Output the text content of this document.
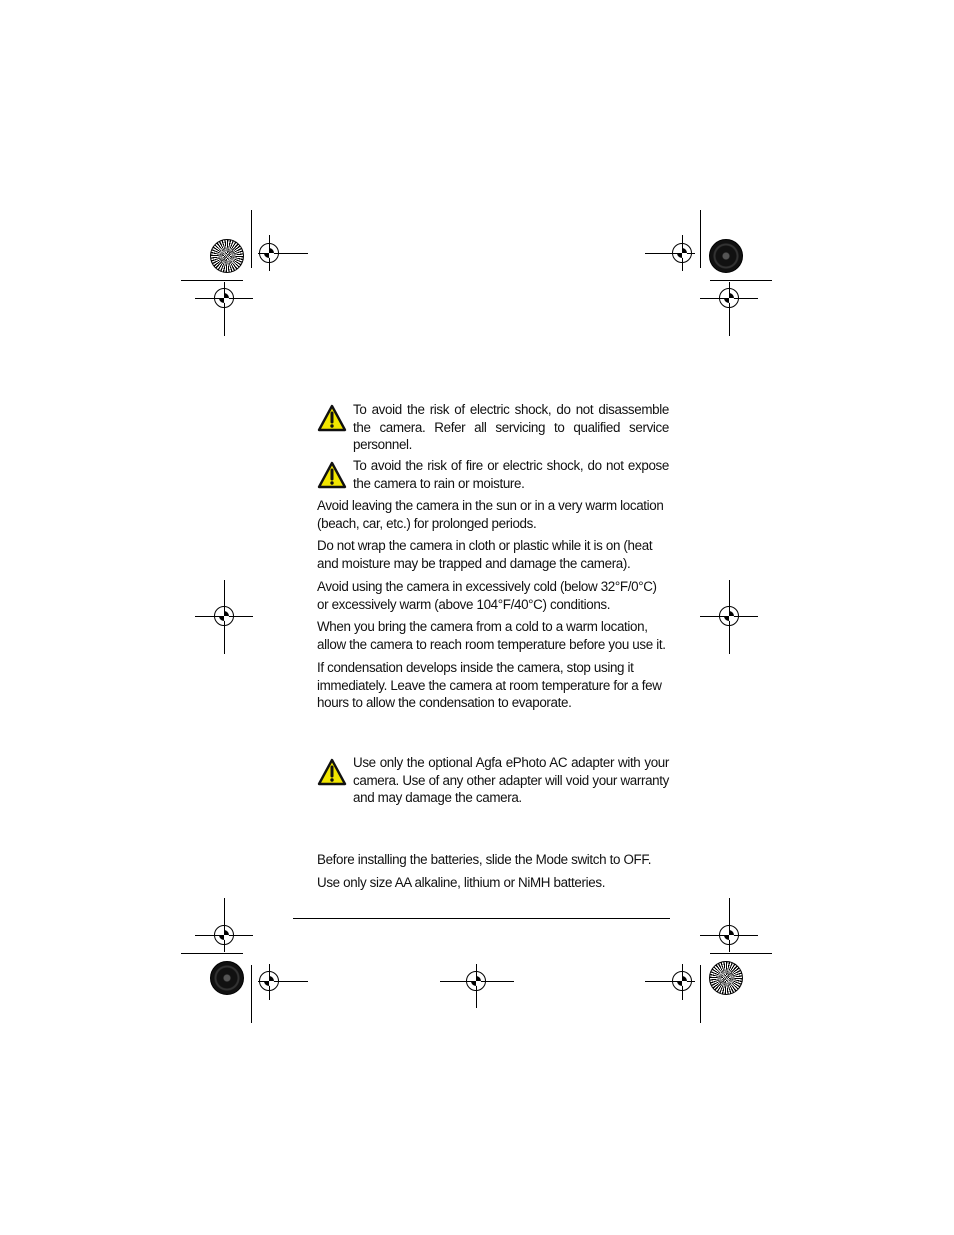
To avoid the risk of electric shock, do not disassemble the camera. Refer all servicing to qualified service personnel.
To avoid the risk of fire or electric shock, do not expose the camera to rain or moisture.
Avoid leaving the camera in the sun or in a very warm location (beach, car, etc.) for prolonged periods.
Do not wrap the camera in cloth or plastic while it is on (heat and moisture may be trapped and damage the camera).
Avoid using the camera in excessively cold (below 32°F/0°C) or excessively warm (above 104°F/40°C) conditions.
When you bring the camera from a cold to a warm location, allow the camera to reach room temperature before you use it.
If condensation develops inside the camera, stop using it immediately. Leave the camera at room temperature for a few hours to allow the condensation to evaporate.
Use only the optional Agfa ePhoto AC adapter with your camera. Use of any other adapter will void your warranty and may damage the camera.
Before installing the batteries, slide the Mode switch to OFF.
Use only size AA alkaline, lithium or NiMH batteries.
